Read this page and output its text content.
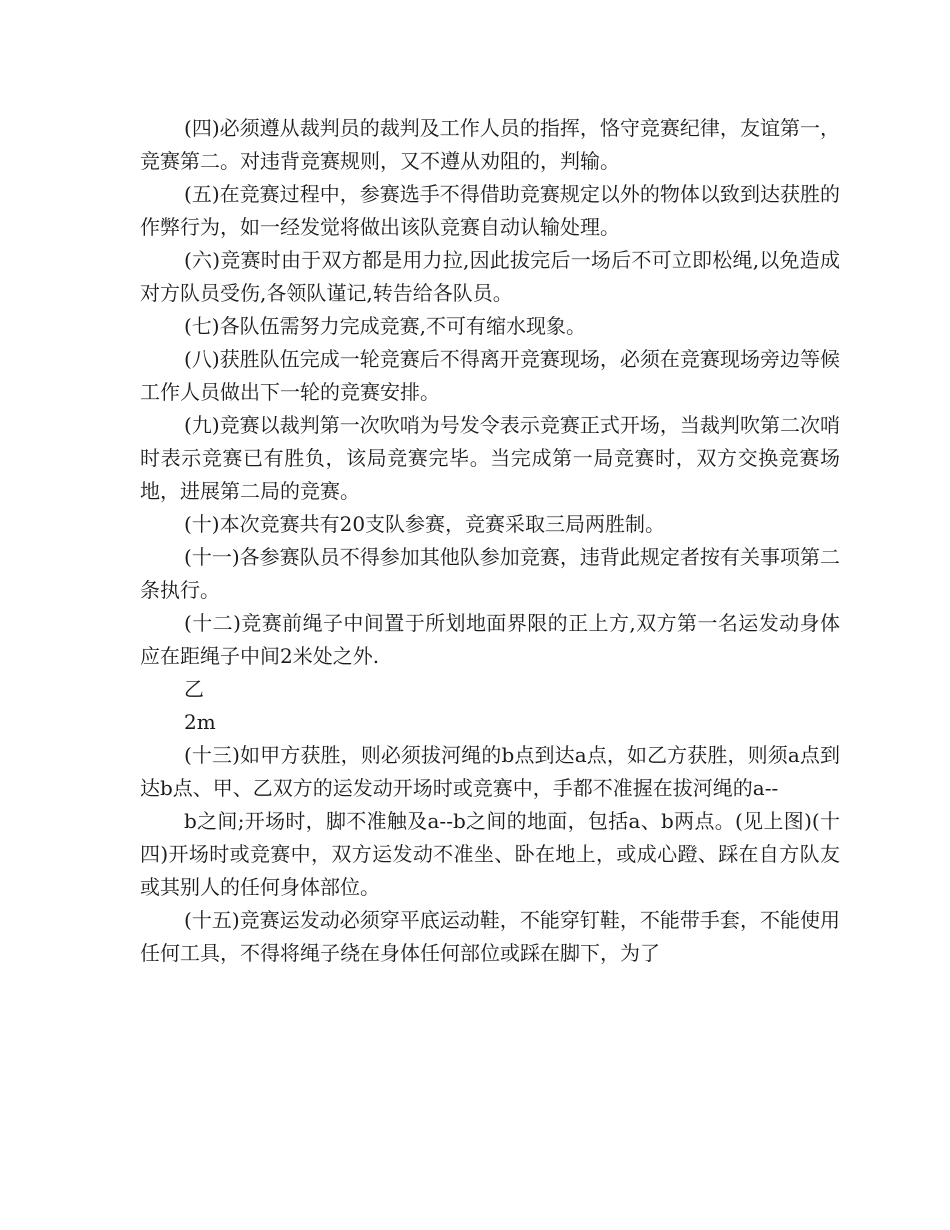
(四)必须遵从裁判员的裁判及工作人员的指挥，恪守竞赛纪律，友谊第一，竞赛第二。对违背竞赛规则，又不遵从劝阻的，判输。

(五)在竞赛过程中，参赛选手不得借助竞赛规定以外的物体以致到达获胜的作弊行为，如一经发觉将做出该队竞赛自动认输处理。

(六)竞赛时由于双方都是用力拉,因此拔完后一场后不可立即松绳,以免造成对方队员受伤,各领队谨记,转告给各队员。

(七)各队伍需努力完成竞赛,不可有缩水现象。

(八)获胜队伍完成一轮竞赛后不得离开竞赛现场，必须在竞赛现场旁边等候工作人员做出下一轮的竞赛安排。

(九)竞赛以裁判第一次吹哨为号发令表示竞赛正式开场，当裁判吹第二次哨时表示竞赛已有胜负，该局竞赛完毕。当完成第一局竞赛时，双方交换竞赛场地，进展第二局的竞赛。

(十)本次竞赛共有20支队参赛，竞赛采取三局两胜制。

(十一)各参赛队员不得参加其他队参加竞赛，违背此规定者按有关事项第二条执行。

(十二)竞赛前绳子中间置于所划地面界限的正上方,双方第一名运发动身体应在距绳子中间2米处之外.

乙

2m

(十三)如甲方获胜，则必须拔河绳的b点到达a点，如乙方获胜，则须a点到达b点、甲、乙双方的运发动开场时或竞赛中，手都不准握在拔河绳的a--

b之间;开场时，脚不准触及a--b之间的地面，包括a、b两点。(见上图)(十四)开场时或竞赛中，双方运发动不准坐、卧在地上，或成心蹬、踩在自方队友或其别人的任何身体部位。

(十五)竞赛运发动必须穿平底运动鞋，不能穿钉鞋，不能带手套，不能使用任何工具，不得将绳子绕在身体任何部位或踩在脚下，为了
